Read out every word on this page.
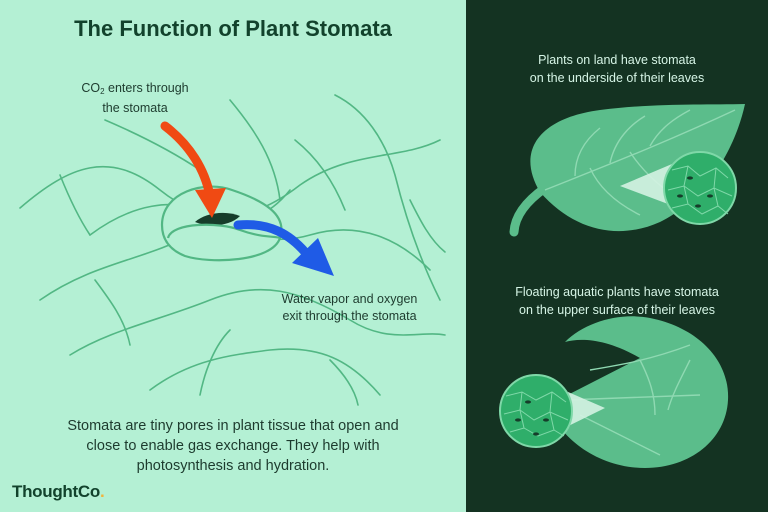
The Function of Plant Stomata
$CO_2$ enters through
the stomata
Water vapor and oxygen
exit through the stomata
Stomata are tiny pores in plant tissue that open and
close to enable gas exchange. They help with
photosynthesis and hydration.
Plants on land have stomata
on the underside of their leaves
Floating aquatic plants have stomata
on the upper surface of their leaves
ThoughtCo.
